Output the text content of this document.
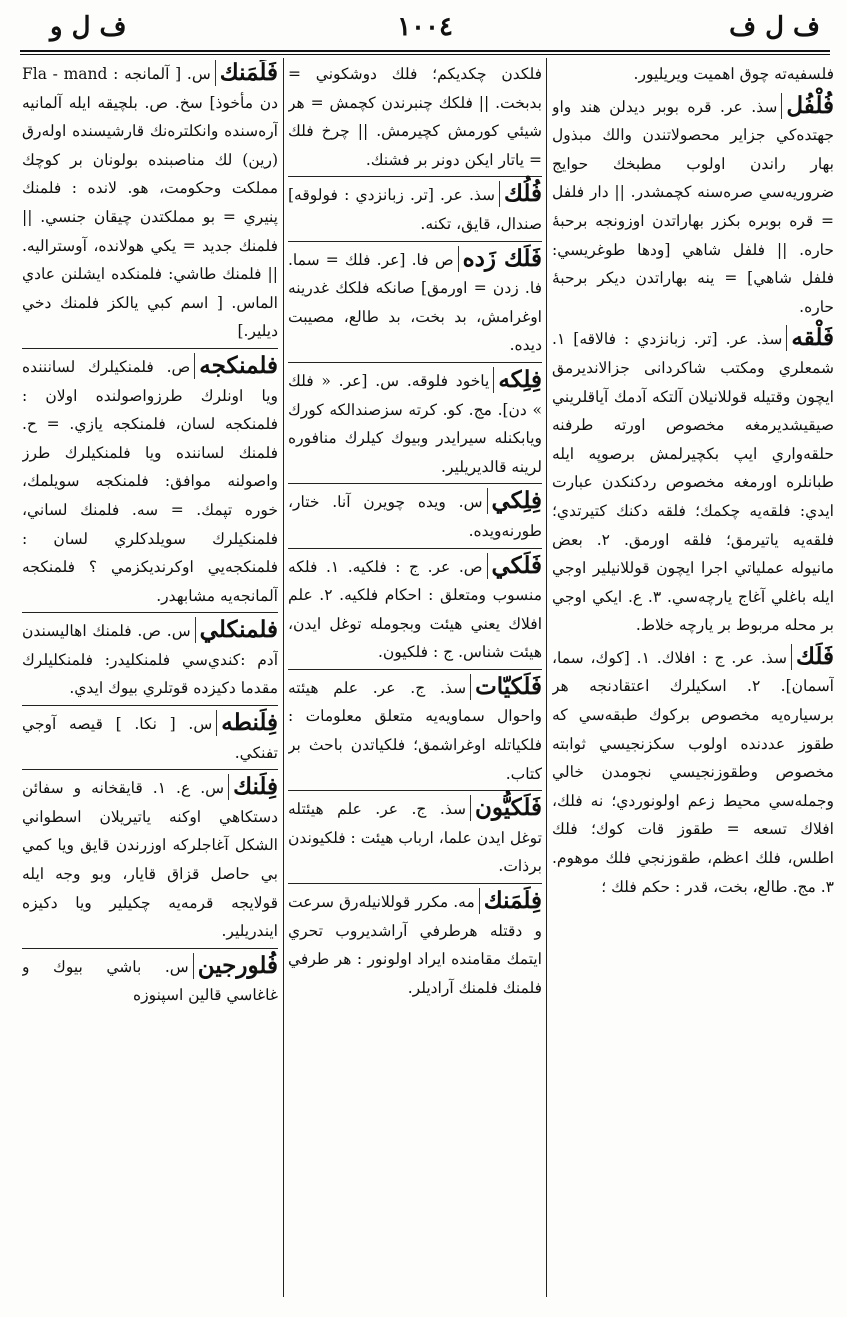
ف ل ف
١٠٠٤
ف ل و
فلسفيه‌ته چوق اهميت ويريليور.
فُلْفُل
سذ. عر. قره بوبر ديدلن هند واو جهتده‌كي جزاير محصولاتندن والك مبذول بهار راندن اولوب مطبخك حوايج ضروريه‌سي صره‌سنه كچمشدر. || دار فلفل = قره بوبره بكزر بهاراتدن اوزونجه برحبهٔ حاره. || فلفل شاهي [ودها طوغريسي: فلفل شاهي] = ينه بهاراتدن ديكر برحبهٔ حاره.
فَلْقه
سذ. عر. [تر. زبانزدي : فالاقه] ١. شمعلري ومكتب شاكردانى جزالانديرمق ايچون وقتيله قوللانيلان آلتكه آدمك آياقلريني صيقيشديرمغه مخصوص اورته طرفنه حلقه‌واري ايپ بكچيرلمش برصوپه ايله طبانلره اورمغه مخصوص ردكنكدن عبارت ايدي: فلقه‌يه چكمك؛ فلقه دكنك كتيرتدي؛ فلقه‌يه ياتيرمق؛ فلقه اورمق. ٢. بعض مانيوله عملياتي اجرا ايچون قوللانيلير اوجي ايله باغلي آغاج يارچه‌سي. ٣. ع. ايكي اوجي بر محله مربوط بر يارچه خلاط.
فَلَك
سذ. عر. ج : افلاك. ١. [كوك، سما، آسمان]. ٢. اسكيلرك اعتقادنجه هر برسياره‌يه مخصوص بركوك طبقه‌سي كه طقوز عددنده اولوب سكزنجيسي ثوابته مخصوص وطقوزنجيسي نجومدن خالي وجمله‌سي محيط زعم اولونوردي؛ نه فلك، افلاك تسعه = طقوز قات كوك؛ فلك اطلس، فلك اعظم، طقوزنجي فلك موهوم. ٣. مج. طالع، بخت، قدر : حكم فلك ؛
فلكدن چكديكم؛ فلك دوشكوني = بدبخت. || فلكك چنبرندن كچمش = هر شيئي كورمش كچيرمش. || چرخ فلك = ياتار ايكن دونر بر فشنك.
فُلُك
سذ. عر. [تر. زبانزدي : فولوقه] صندال، قايق، تكنه.
فَلَك زَده
ص فا. [عر. فلك = سما. فا. زدن = اورمق] صانكه فلكك غدرينه اوغرامش، بد بخت، بد طالع، مصيبت ديده.
فِلِكه
ياخود فلوقه. س. [عر. « فلك » دن]. مج. كو. كرته سزصندالكه كورك ويابكنله سيرايدر وبيوك كيلرك منافوره لرينه قالديريلير.
فِلِكي
س. ويده چويرن آنا. ختار، طورنه‌ويده.
فَلَكي
ص. عر. ج : فلكيه. ١. فلكه منسوب ومتعلق : احكام فلكيه. ٢. علم افلاك يعني هيئت وبجومله توغل ايدن، هيئت شناس. ج : فلكيون.
فَلَكيّات
سذ. ج. عر. علم هيئته واحوال سماويه‌يه متعلق معلومات : فلكياتله اوغراشمق؛ فلكياتدن باحث بر كتاب.
فَلَكيُّون
سذ. ج. عر. علم هيئتله توغل ايدن علما، ارباب هيئت : فلكيوندن برذات.
فِلَمَنك
مه. مكرر قوللانيله‌رق سرعت و دقتله هرطرفي آراشديروب تحري ايتمك مقامنده ايراد اولونور : هر طرفي فلمنك فلمنك آراديلر.
فَلَمَنك
س. [ آلمانجه : Fla - mand دن مأخوذ] سخ. ص. بلچيقه ايله آلمانيه آره‌سنده وانكلتره‌نك قارشيسنده اوله‌رق (رين) لك مناصبنده بولونان بر كوچك مملكت وحكومت، هو. لانده : فلمنك پنيري = بو مملكتدن چيقان جنسي. || فلمنك جديد = يكي هولانده، آوستراليه. || فلمنك طاشي: فلمنكده ايشلنن عادي الماس. [ اسم كبي يالكز فلمنك دخي ديلير.]
فلمنكجه
ص. فلمنكيلرك لسانننده ويا اونلرك طرزواصولنده اولان : فلمنكجه لسان، فلمنكجه يازي. = ح. فلمنك لساننده ويا فلمنكيلرك طرز واصولنه موافق: فلمنكجه سويلمك، خوره تپمك. = سه. فلمنك لساني، فلمنكيلرك سويلدكلري لسان : فلمنكجه‌يي اوكرنديكزمي ؟ فلمنكجه آلمانجه‌يه مشابهدر.
فلمنكلي
س. ص. فلمنك اهاليسندن آدم :كندي‌سي فلمنكليدر: فلمنكليلرك مقدما دكيزده قوتلري بيوك ايدي.
فِلَنطه
س. [ نكا. ] قيصه آوجي تفنكي.
فِلَنك
س. ع. ١. قايقخانه و سفائن دستكاهي اوكنه ياتيريلان اسطواني الشكل آغاجلركه اوزرندن قايق ويا كمي بي حاصل قزاق قايار، وبو وجه ايله قولايجه قرمه‌يه چكيلير ويا دكيزه ايندريلير.
فُلورجين
س. باشي بيوك و غاغاسي قالين اسپنوزه
